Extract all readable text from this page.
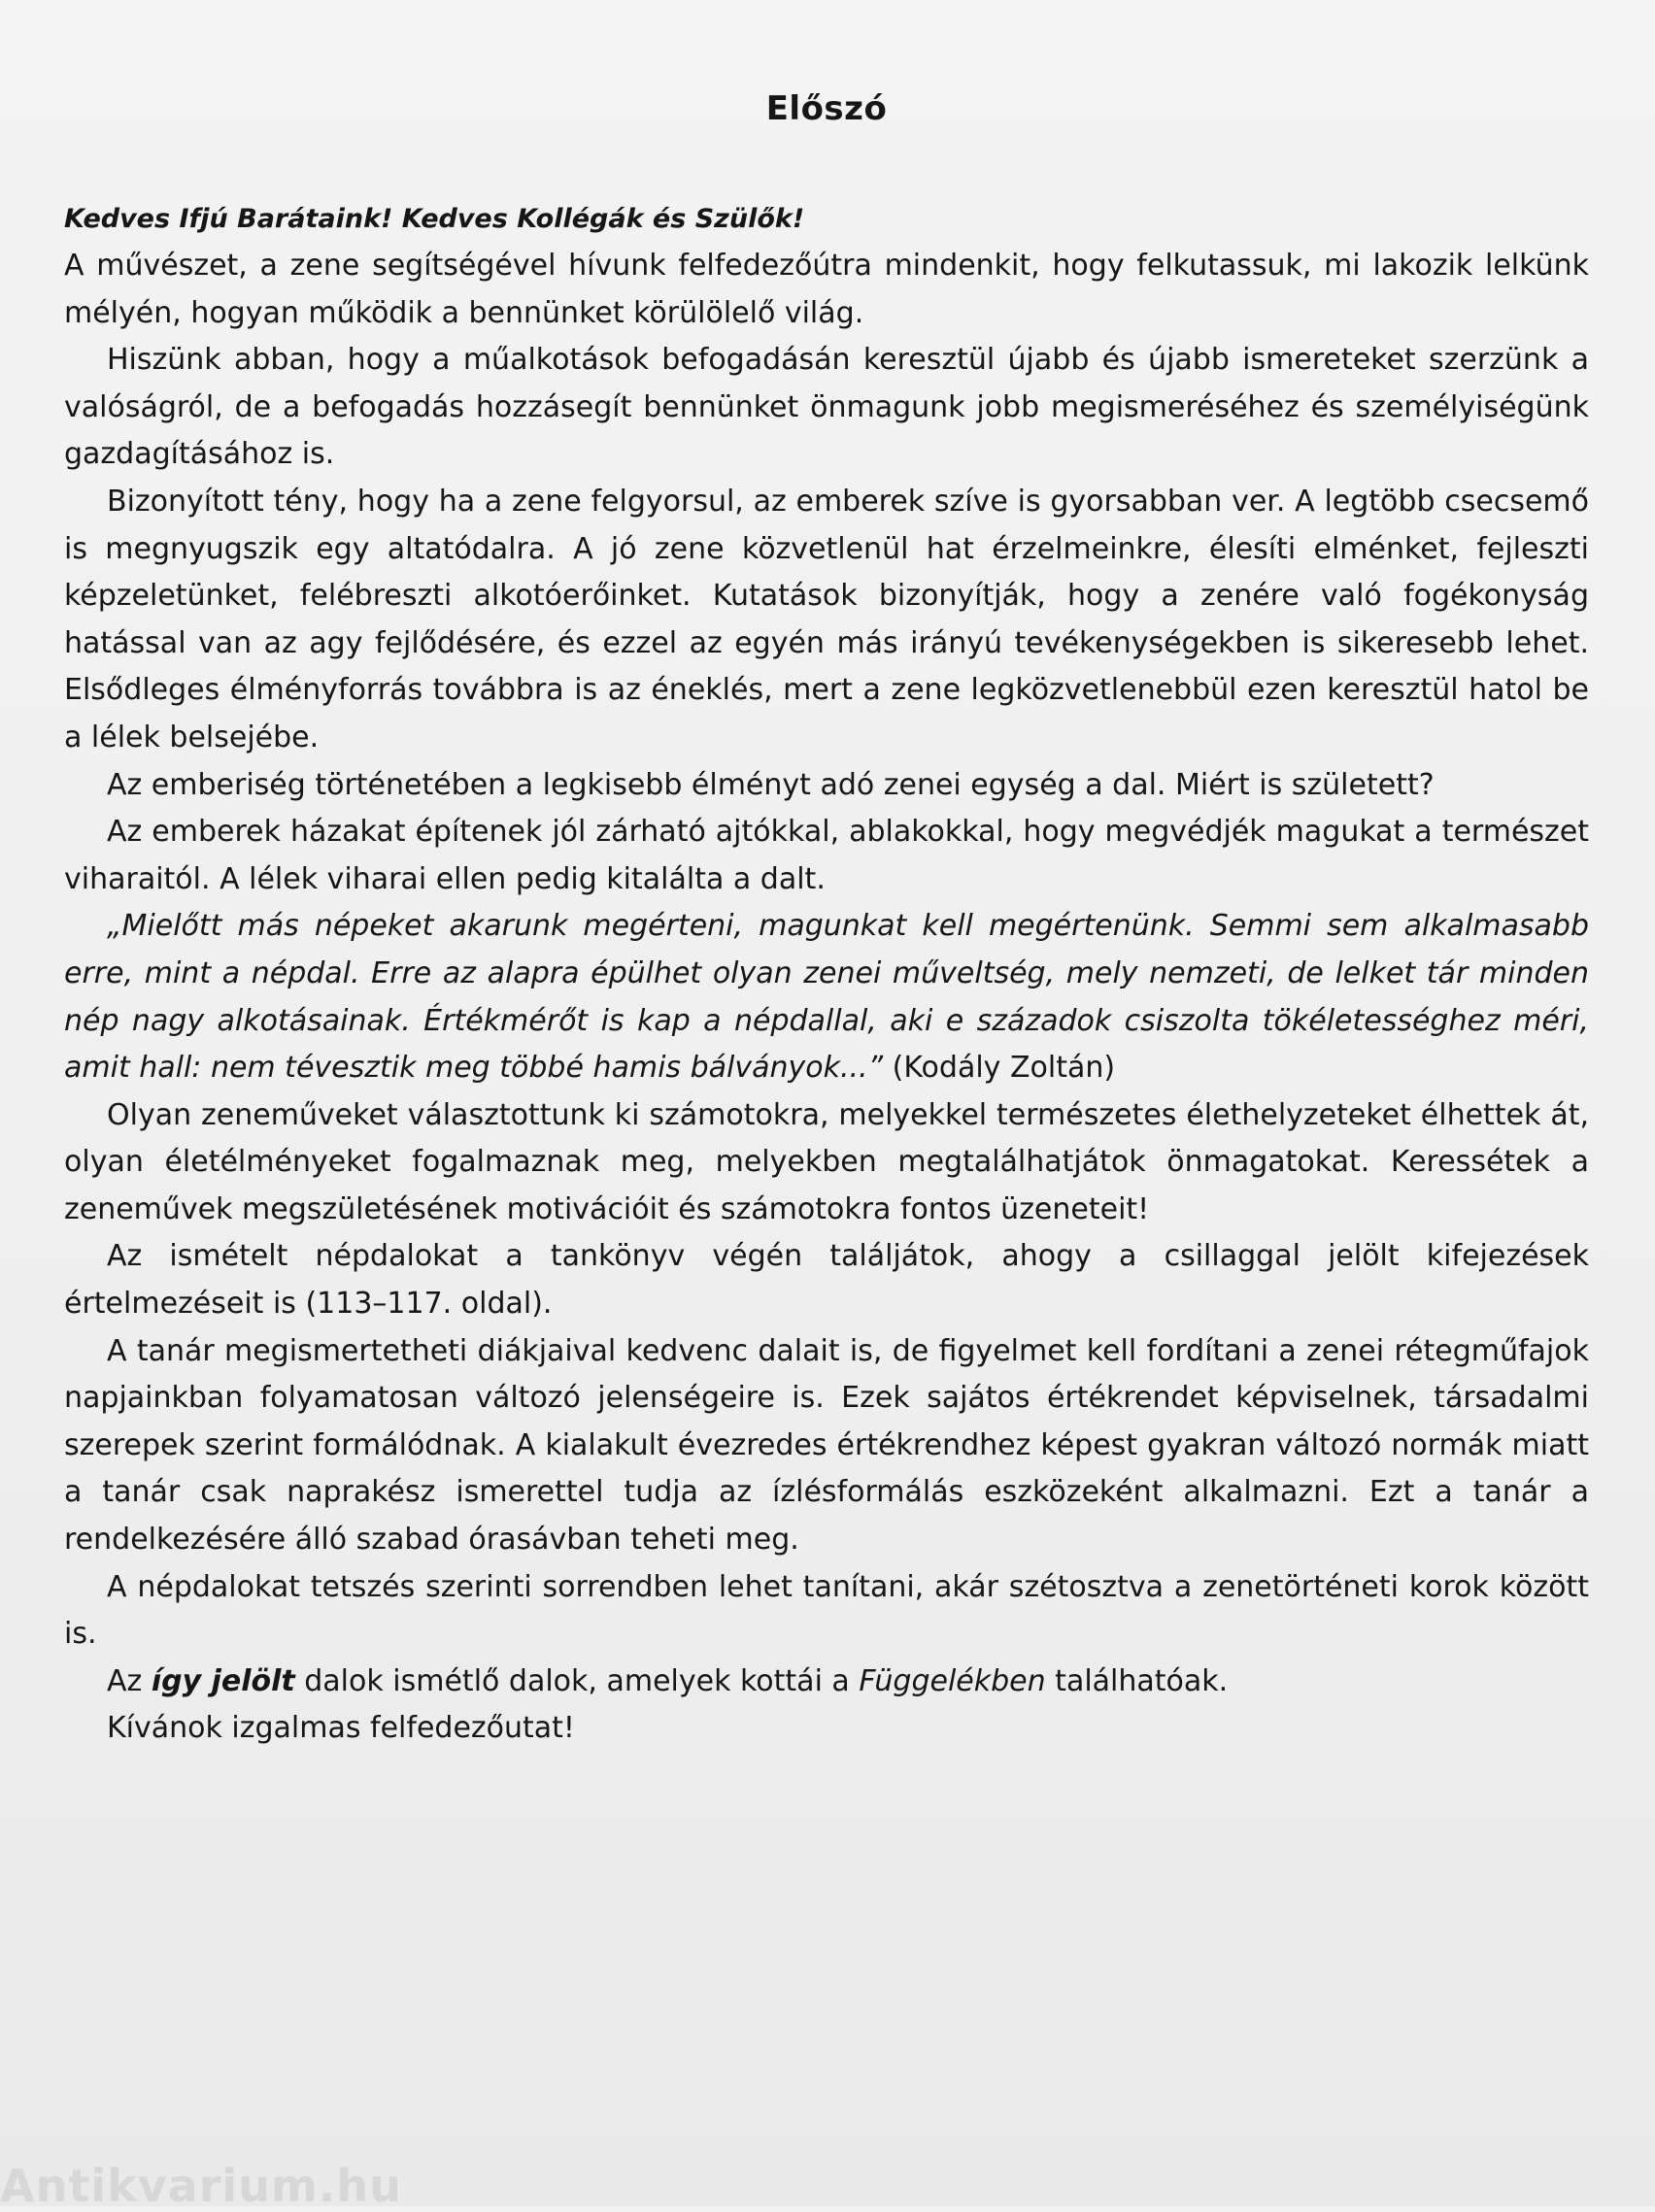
Előszó

Kedves Ifjú Barátaink! Kedves Kollégák és Szülők!

A művészet, a zene segítségével hívunk felfedezőútra mindenkit, hogy felkutassuk, mi lakozik lelkünk mélyén, hogyan működik a bennünket körülölelő világ.

Hiszünk abban, hogy a műalkotások befogadásán keresztül újabb és újabb ismereteket szerzünk a valóságról, de a befogadás hozzásegít bennünket önmagunk jobb megismeréséhez és személyiségünk gazdagításához is.

Bizonyított tény, hogy ha a zene felgyorsul, az emberek szíve is gyorsabban ver. A legtöbb csecsemő is megnyugszik egy altatódalra. A jó zene közvetlenül hat érzelmeinkre, élesíti elménket, fejleszti képzeletünket, felébreszti alkotóerőinket. Kutatások bizonyítják, hogy a zenére való fogékonyság hatással van az agy fejlődésére, és ezzel az egyén más irányú tevékenységekben is sikeresebb lehet. Elsődleges élményforrás továbbra is az éneklés, mert a zene legközvetlenebbül ezen keresztül hatol be a lélek belsejébe.

Az emberiség történetében a legkisebb élményt adó zenei egység a dal. Miért is született?

Az emberek házakat építenek jól zárható ajtókkal, ablakokkal, hogy megvédjék magukat a természet viharaitól. A lélek viharai ellen pedig kitalálta a dalt.

„Mielőtt más népeket akarunk megérteni, magunkat kell megértenünk. Semmi sem alkalmasabb erre, mint a népdal. Erre az alapra épülhet olyan zenei műveltség, mely nemzeti, de lelket tár minden nép nagy alkotásainak. Értékmérőt is kap a népdallal, aki e századok csiszolta tökéletességhez méri, amit hall: nem tévesztik meg többé hamis bálványok...” (Kodály Zoltán)

Olyan zeneműveket választottunk ki számotokra, melyekkel természetes élethelyzeteket élhettek át, olyan életélményeket fogalmaznak meg, melyekben megtalálhatjátok önmagatokat. Keressétek a zeneművek megszületésének motivációit és számotokra fontos üzeneteit!

Az ismételt népdalokat a tankönyv végén találjátok, ahogy a csillaggal jelölt kifejezések értelmezéseit is (113–117. oldal).

A tanár megismertetheti diákjaival kedvenc dalait is, de figyelmet kell fordítani a zenei rétegműfajok napjainkban folyamatosan változó jelenségeire is. Ezek sajátos értékrendet képviselnek, társadalmi szerepek szerint formálódnak. A kialakult évezredes értékrendhez képest gyakran változó normák miatt a tanár csak naprakész ismerettel tudja az ízlésformálás eszközeként alkalmazni. Ezt a tanár a rendelkezésére álló szabad órasávban teheti meg.

A népdalokat tetszés szerinti sorrendben lehet tanítani, akár szétosztva a zenetörténeti korok között is.

Az így jelölt dalok ismétlő dalok, amelyek kottái a Függelékben találhatóak.

Kívánok izgalmas felfedezőutat!

Antikvarium.hu
